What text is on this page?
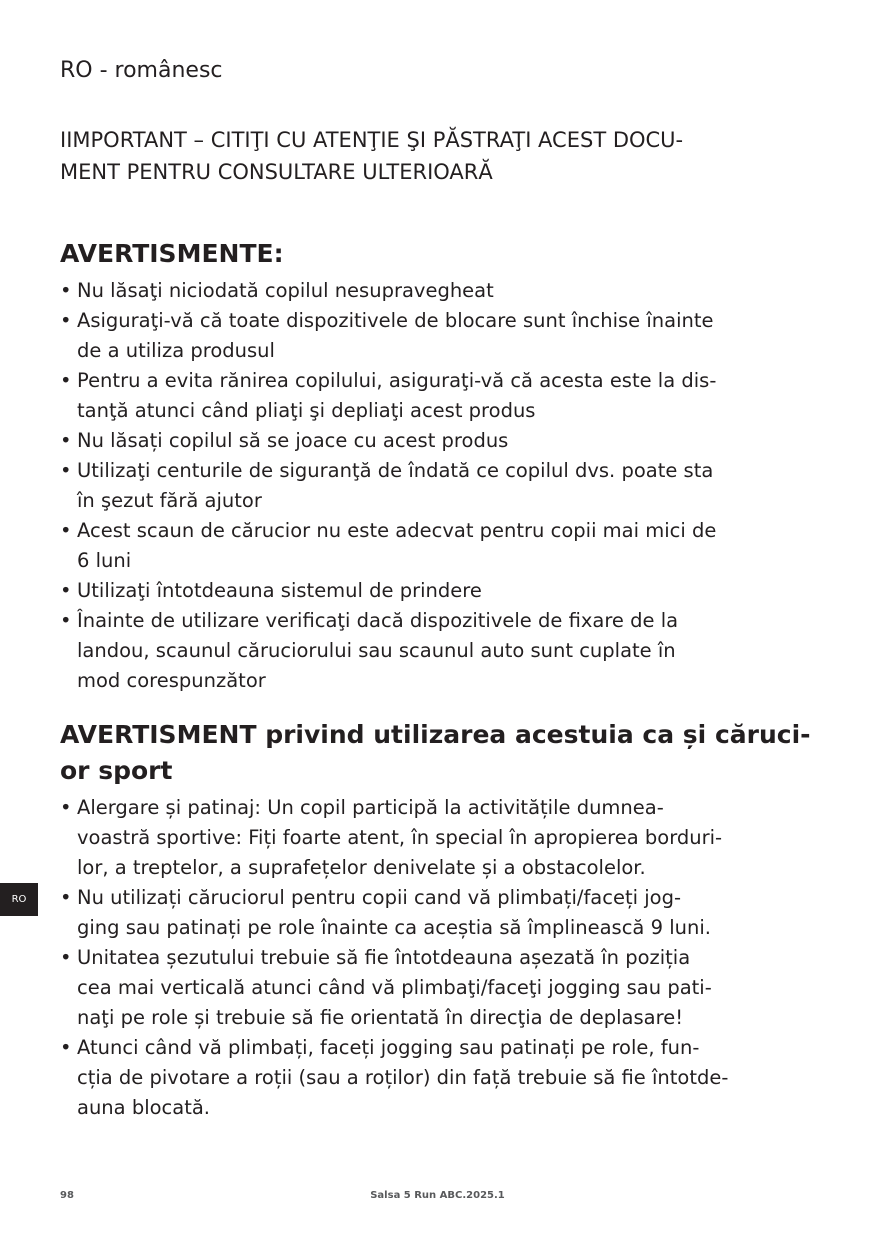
RO - românesc

IIMPORTANT – CITIŢI CU ATENŢIE ŞI PĂSTRAŢI ACEST DOCU-
MENT PENTRU CONSULTARE ULTERIOARĂ

AVERTISMENTE:
• Nu lăsaţi niciodată copilul nesupravegheat
• Asiguraţi-vă că toate dispozitivele de blocare sunt închise înainte
de a utiliza produsul
• Pentru a evita rănirea copilului, asiguraţi-vă că acesta este la dis-
tanţă atunci când pliaţi şi depliaţi acest produs
• Nu lăsați copilul să se joace cu acest produs
• Utilizaţi centurile de siguranţă de îndată ce copilul dvs. poate sta
în şezut fără ajutor
• Acest scaun de cărucior nu este adecvat pentru copii mai mici de
6 luni
• Utilizaţi întotdeauna sistemul de prindere
• Înainte de utilizare verificaţi dacă dispozitivele de fixare de la
landou, scaunul căruciorului sau scaunul auto sunt cuplate în
mod corespunzător
AVERTISMENT privind utilizarea acestuia ca și căruci-
or sport
• Alergare și patinaj: Un copil participă la activitățile dumnea-
voastră sportive: Fiți foarte atent, în special în apropierea borduri-
lor, a treptelor, a suprafețelor denivelate și a obstacolelor.
• Nu utilizați căruciorul pentru copii cand vă plimbați/faceți jog-
ging sau patinați pe role înainte ca aceștia să împlinească 9 luni.
• Unitatea șezutului trebuie să fie întotdeauna așezată în poziția
cea mai verticală atunci când vă plimbaţi/faceţi jogging sau pati-
naţi pe role și trebuie să fie orientată în direcţia de deplasare!
• Atunci când vă plimbați, faceți jogging sau patinați pe role, fun-
cția de pivotare a roții (sau a roților) din față trebuie să fie întotde-
auna blocată.
RO
98	Salsa 5 Run ABC.2025.1
